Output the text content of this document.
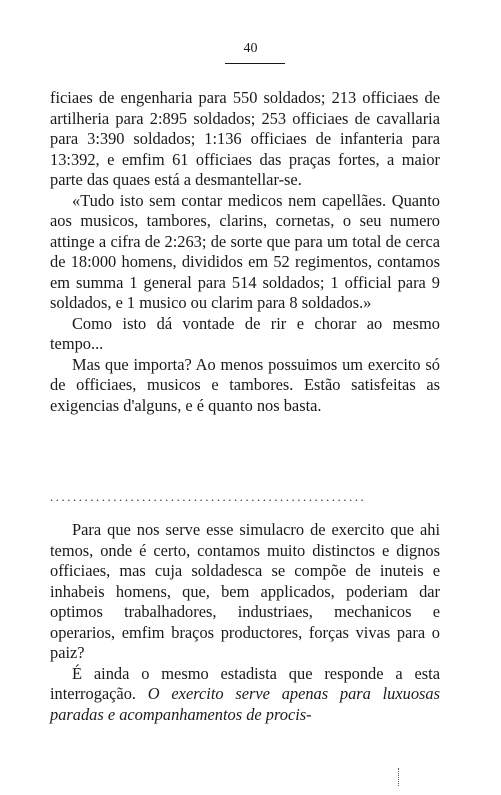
40

ficiaes de engenharia para 550 soldados; 213 officiaes de artilheria para 2:895 soldados; 253 officiaes de cavallaria para 3:390 soldados; 1:136 officiaes de infanteria para 13:392, e emfim 61 officiaes das praças fortes, a maior parte das quaes está a desmantellar-se.

«Tudo isto sem contar medicos nem capellães. Quanto aos musicos, tambores, clarins, cornetas, o seu numero attinge a cifra de 2:263; de sorte que para um total de cerca de 18:000 homens, divididos em 52 regimentos, contamos em summa 1 general para 514 soldados; 1 official para 9 soldados, e 1 musico ou clarim para 8 soldados.»

Como isto dá vontade de rir e chorar ao mesmo tempo...

Mas que importa? Ao menos possuimos um exercito só de officiaes, musicos e tambores. Estão satisfeitas as exigencias d'alguns, e é quanto nos basta.

.......................................................

Para que nos serve esse simulacro de exercito que ahi temos, onde é certo, contamos muito distinctos e dignos officiaes, mas cuja soldadesca se compõe de inuteis e inhabeis homens, que, bem applicados, poderiam dar optimos trabalhadores, industriaes, mechanicos e operarios, emfim braços productores, forças vivas para o paiz?

É ainda o mesmo estadista que responde a esta interrogação. O exercito serve apenas para luxuosas paradas e acompanhamentos de procis-
